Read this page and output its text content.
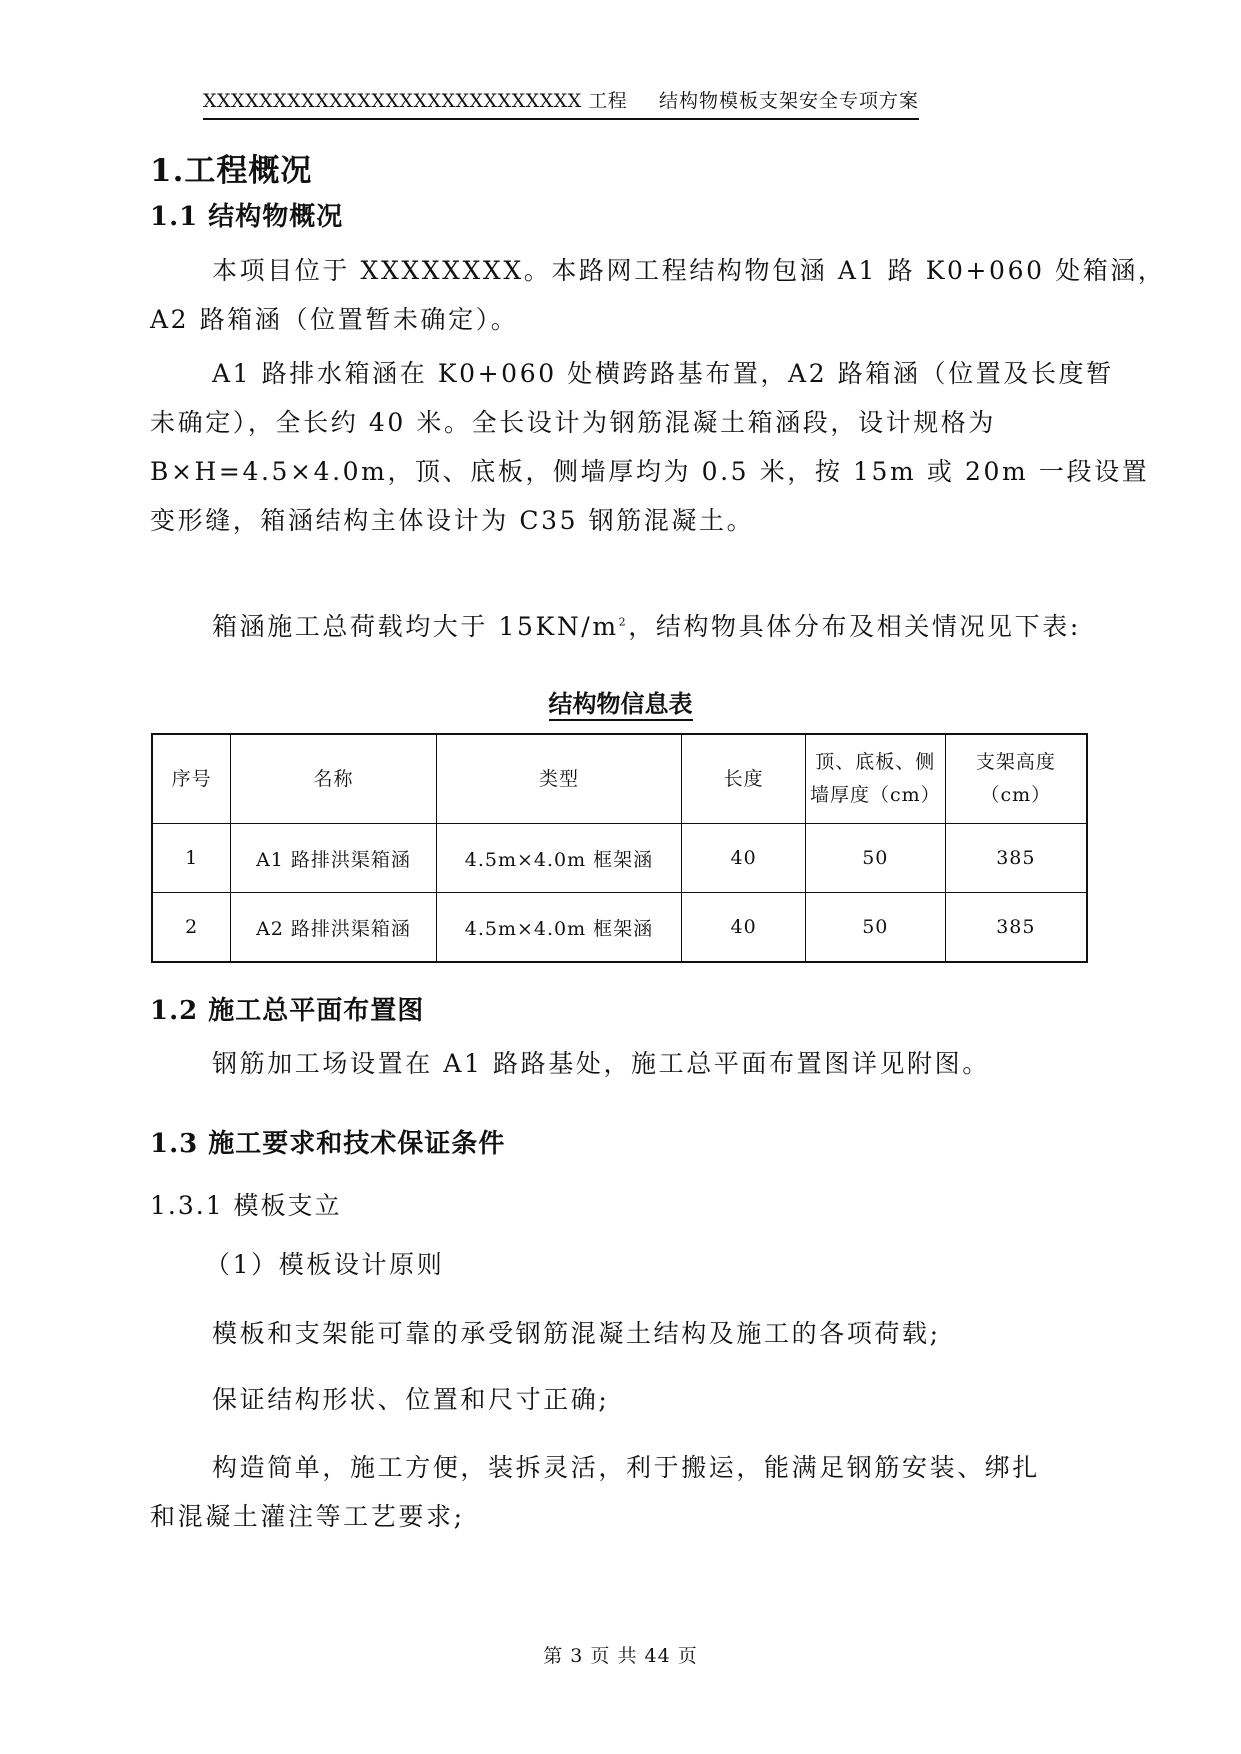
XXXXXXXXXXXXXXXXXXXXXXXXXXX 工程 结构物模板支架安全专项方案
1.工程概况
1.1 结构物概况
本项目位于 XXXXXXXX。本路网工程结构物包涵 A1 路 K0+060 处箱涵，
A2 路箱涵（位置暂未确定）。
A1 路排水箱涵在 K0+060 处横跨路基布置，A2 路箱涵（位置及长度暂
未确定），全长约 40 米。全长设计为钢筋混凝土箱涵段，设计规格为
B×H=4.5×4.0m，顶、底板，侧墙厚均为 0.5 米，按 15m 或 20m 一段设置
变形缝，箱涵结构主体设计为 C35 钢筋混凝土。
箱涵施工总荷载均大于 $15KN/m^2$，结构物具体分布及相关情况见下表:
结构物信息表
序号	名称	类型	长度	顶、底板、侧墙厚度（cm）	支架高度（cm）
1	A1 路排洪渠箱涵	4.5m×4.0m 框架涵	40	50	385
2	A2 路排洪渠箱涵	4.5m×4.0m 框架涵	40	50	385
1.2 施工总平面布置图
钢筋加工场设置在 A1 路路基处，施工总平面布置图详见附图。
1.3 施工要求和技术保证条件
1.3.1 模板支立
（1）模板设计原则
模板和支架能可靠的承受钢筋混凝土结构及施工的各项荷载;
保证结构形状、位置和尺寸正确;
构造简单，施工方便，装拆灵活，利于搬运，能满足钢筋安装、绑扎
和混凝土灌注等工艺要求;
第 3 页 共 44 页
